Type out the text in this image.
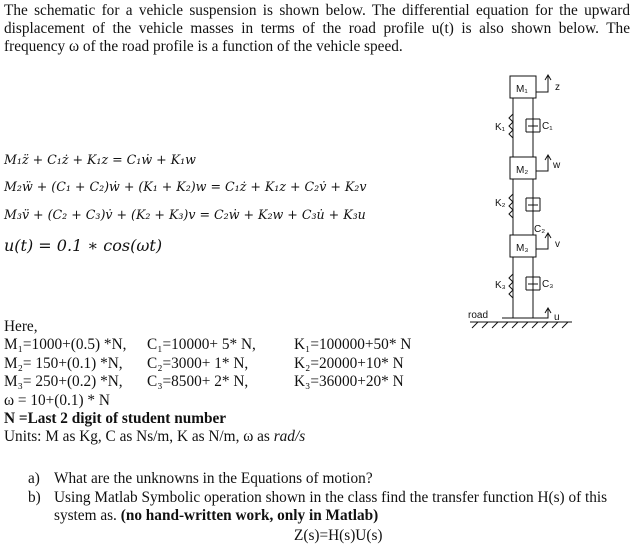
The schematic for a vehicle suspension is shown below. The differential equation for the upward displacement of the vehicle masses in terms of the road profile u(t) is also shown below. The frequency ω of the road profile is a function of the vehicle speed.
M₁z̈ + C₁ż + K₁z = C₁ẇ + K₁w
M₂ẅ + (C₁ + C₂)ẇ + (K₁ + K₂)w = C₁ż + K₁z + C₂v̇ + K₂v
M₃v̈ + (C₂ + C₃)v̇ + (K₂ + K₃)v = C₂ẇ + K₂w + C₃u̇ + K₃u
u(t) = 0.1 ∗ cos(ωt)
Here,
M₁=1000+(0.5) *N, C₁=10000+ 5* N, K₁=100000+50* N
M₂= 150+(0.1) *N, C₂=3000+ 1* N,	K₂=20000+10* N
M₃= 250+(0.2) *N, C₃=8500+ 2* N,	K₃=36000+20* N
ω = 10+(0.1) * N
N =Last 2 digit of student number
Units: M as Kg, C as Ns/m, K as N/m, ω as rad/s
a) What are the unknowns in the Equations of motion?
b) Using Matlab Symbolic operation shown in the class find the transfer function H(s) of this system as. (no hand-written work, only in Matlab)
Z(s)=H(s)U(s)
M₁
M₂
M₃
K₁
K₂
K₃
C₁
C₂
C₃
z
w
v
u
road
